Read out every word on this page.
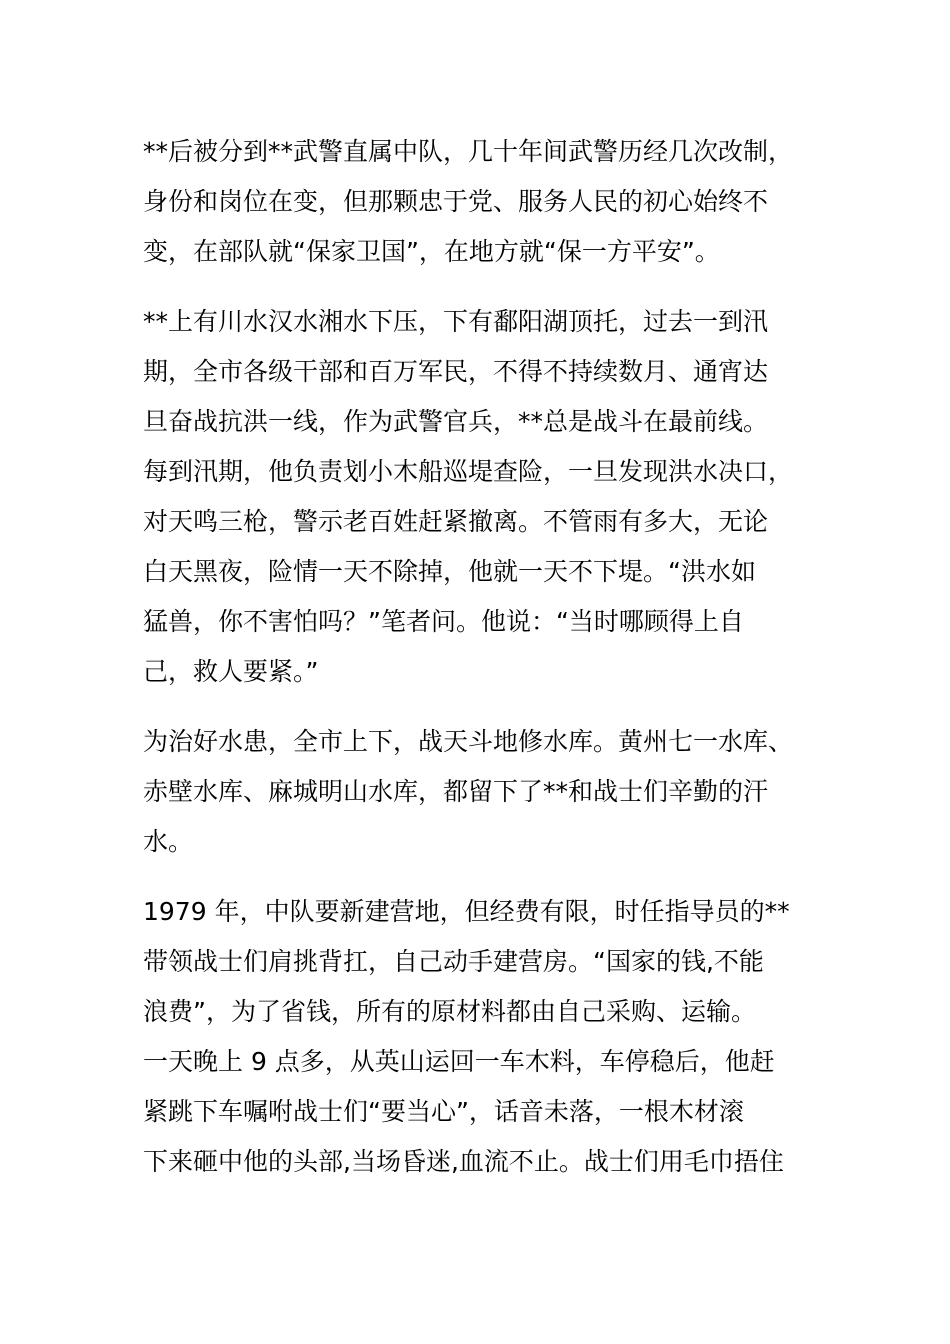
**后被分到**武警直属中队，几十年间武警历经几次改制，
身份和岗位在变，但那颗忠于党、服务人民的初心始终不
变，在部队就“保家卫国”，在地方就“保一方平安”。

**上有川水汉水湘水下压，下有鄱阳湖顶托，过去一到汛
期，全市各级干部和百万军民，不得不持续数月、通宵达
旦奋战抗洪一线，作为武警官兵，**总是战斗在最前线。
每到汛期，他负责划小木船巡堤查险，一旦发现洪水决口，
对天鸣三枪，警示老百姓赶紧撤离。不管雨有多大，无论
白天黑夜，险情一天不除掉，他就一天不下堤。“洪水如
猛兽，你不害怕吗？”笔者问。他说：“当时哪顾得上自
己，救人要紧。”

为治好水患，全市上下，战天斗地修水库。黄州七一水库、
赤壁水库、麻城明山水库，都留下了**和战士们辛勤的汗
水。

1979 年，中队要新建营地，但经费有限，时任指导员的**
带领战士们肩挑背扛，自己动手建营房。“国家的钱,不能
浪费”，为了省钱，所有的原材料都由自己采购、运输。
一天晚上 9 点多，从英山运回一车木料，车停稳后，他赶
紧跳下车嘱咐战士们“要当心”，话音未落，一根木材滚
下来砸中他的头部,当场昏迷,血流不止。战士们用毛巾捂住
